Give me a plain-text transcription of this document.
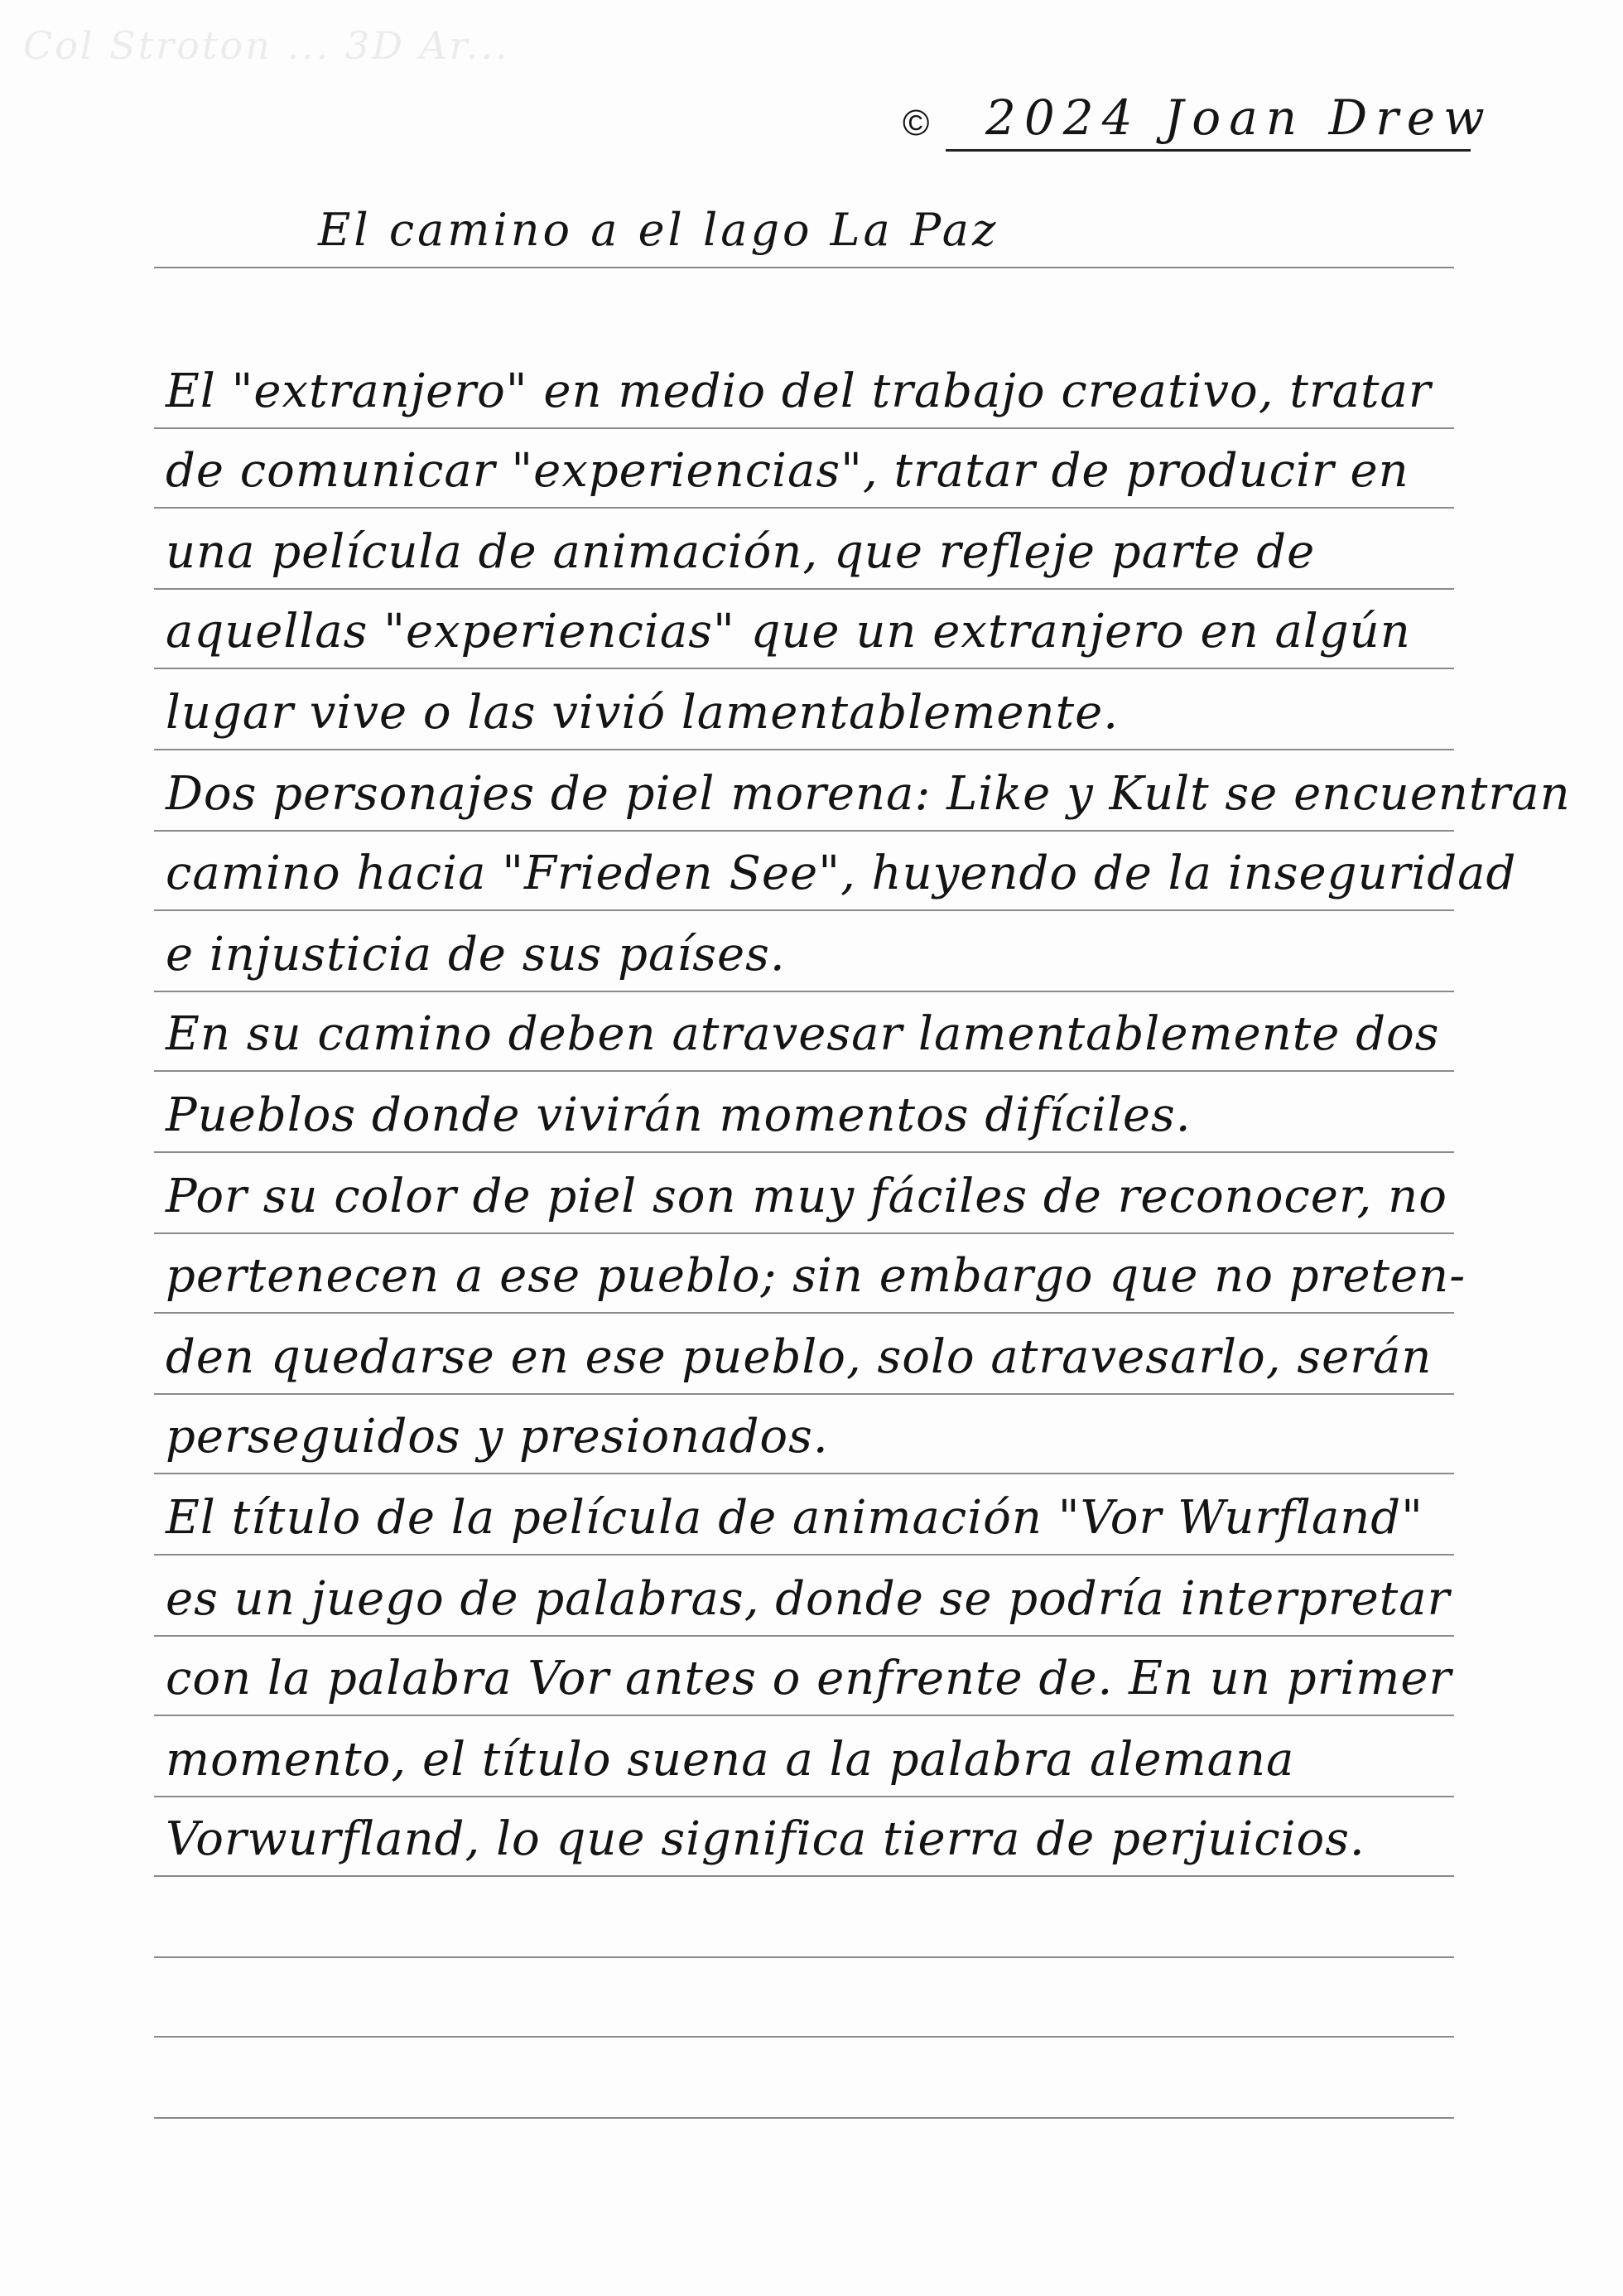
Col Stroton ... 3D Ar...
© 2024 Joan Drew
El camino a el lago La Paz
El "extranjero" en medio del trabajo creativo, tratar
de comunicar "experiencias", tratar de producir en
una película de animación, que refleje parte de
aquellas "experiencias" que un extranjero en algún
lugar vive o las vivió lamentablemente.
Dos personajes de piel morena: Like y Kult se encuentran
camino hacia "Frieden See", huyendo de la inseguridad
e injusticia de sus países.
En su camino deben atravesar lamentablemente dos
Pueblos donde vivirán momentos difíciles.
Por su color de piel son muy fáciles de reconocer, no
pertenecen a ese pueblo; sin embargo que no preten-
den quedarse en ese pueblo, solo atravesarlo, serán
perseguidos y presionados.
El título de la película de animación "Vor Wurfland"
es un juego de palabras, donde se podría interpretar
con la palabra Vor antes o enfrente de. En un primer
momento, el título suena a la palabra alemana
Vorwurfland, lo que significa tierra de perjuicios.
